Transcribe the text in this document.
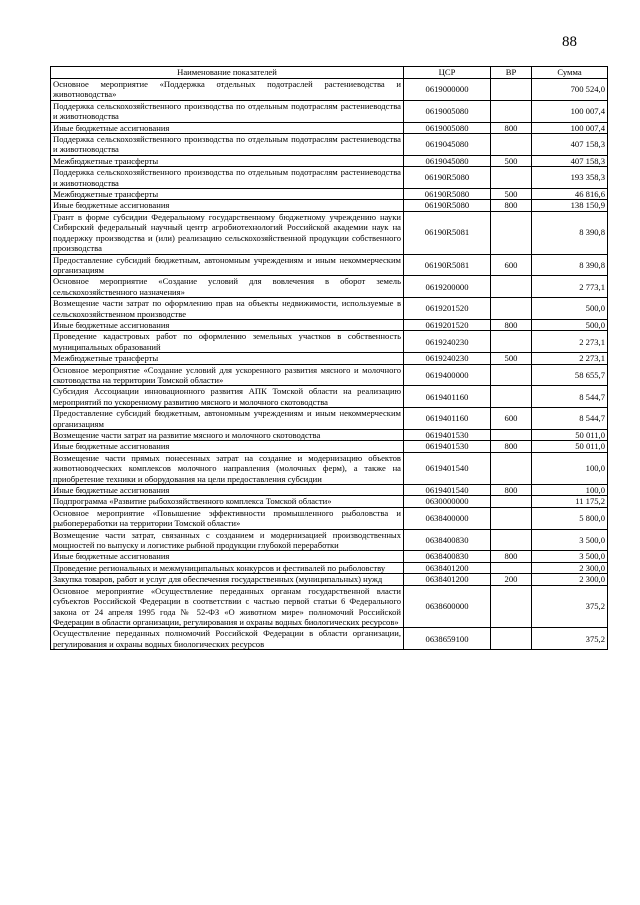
88
Наименование показателей	ЦСР	ВР	Сумма
Основное мероприятие «Поддержка отдельных подотраслей растениеводства и животноводства»	0619000000		700 524,0
Поддержка сельскохозяйственного производства по отдельным подотраслям растениеводства и животноводства	0619005080		100 007,4
Иные бюджетные ассигнования	0619005080	800	100 007,4
Поддержка сельскохозяйственного производства по отдельным подотраслям растениеводства и животноводства	0619045080		407 158,3
Межбюджетные трансферты	0619045080	500	407 158,3
Поддержка сельскохозяйственного производства по отдельным подотраслям растениеводства и животноводства	06190R5080		193 358,3
Межбюджетные трансферты	06190R5080	500	46 816,6
Иные бюджетные ассигнования	06190R5080	800	138 150,9
Грант в форме субсидии Федеральному государственному бюджетному учреждению науки Сибирский федеральный научный центр агробиотехнологий Российской академии наук на поддержку производства и (или) реализацию сельскохозяйственной продукции собственного производства	06190R5081		8 390,8
Предоставление субсидий бюджетным, автономным учреждениям и иным некоммерческим организациям	06190R5081	600	8 390,8
Основное мероприятие «Создание условий для вовлечения в оборот земель сельскохозяйственного назначения»	0619200000		2 773,1
Возмещение части затрат по оформлению прав на объекты недвижимости, используемые в сельскохозяйственном производстве	0619201520		500,0
Иные бюджетные ассигнования	0619201520	800	500,0
Проведение кадастровых работ по оформлению земельных участков в собственность муниципальных образований	0619240230		2 273,1
Межбюджетные трансферты	0619240230	500	2 273,1
Основное мероприятие «Создание условий для ускоренного развития мясного и молочного скотоводства на территории Томской области»	0619400000		58 655,7
Субсидия Ассоциации инновационного развития АПК Томской области на реализацию мероприятий по ускоренному развитию мясного и молочного скотоводства	0619401160		8 544,7
Предоставление субсидий бюджетным, автономным учреждениям и иным некоммерческим организациям	0619401160	600	8 544,7
Возмещение части затрат на развитие мясного и молочного скотоводства	0619401530		50 011,0
Иные бюджетные ассигнования	0619401530	800	50 011,0
Возмещение части прямых понесенных затрат на создание и модернизацию объектов животноводческих комплексов молочного направления (молочных ферм), а также на приобретение техники и оборудования на цели предоставления субсидии	0619401540		100,0
Иные бюджетные ассигнования	0619401540	800	100,0
Подпрограмма «Развитие рыбохозяйственного комплекса Томской области»	0630000000		11 175,2
Основное мероприятие «Повышение эффективности промышленного рыболовства и рыбопереработки на территории Томской области»	0638400000		5 800,0
Возмещение части затрат, связанных с созданием и модернизацией производственных мощностей по выпуску и логистике рыбной продукции глубокой переработки	0638400830		3 500,0
Иные бюджетные ассигнования	0638400830	800	3 500,0
Проведение региональных и межмуниципальных конкурсов и фестивалей по рыболовству	0638401200		2 300,0
Закупка товаров, работ и услуг для обеспечения государственных (муниципальных) нужд	0638401200	200	2 300,0
Основное мероприятие «Осуществление переданных органам государственной власти субъектов Российской Федерации в соответствии с частью первой статьи 6 Федерального закона от 24 апреля 1995 года № 52-ФЗ «О животном мире» полномочий Российской Федерации в области организации, регулирования и охраны водных биологических ресурсов»	0638600000		375,2
Осуществление переданных полномочий Российской Федерации в области организации, регулирования и охраны водных биологических ресурсов	0638659100		375,2
